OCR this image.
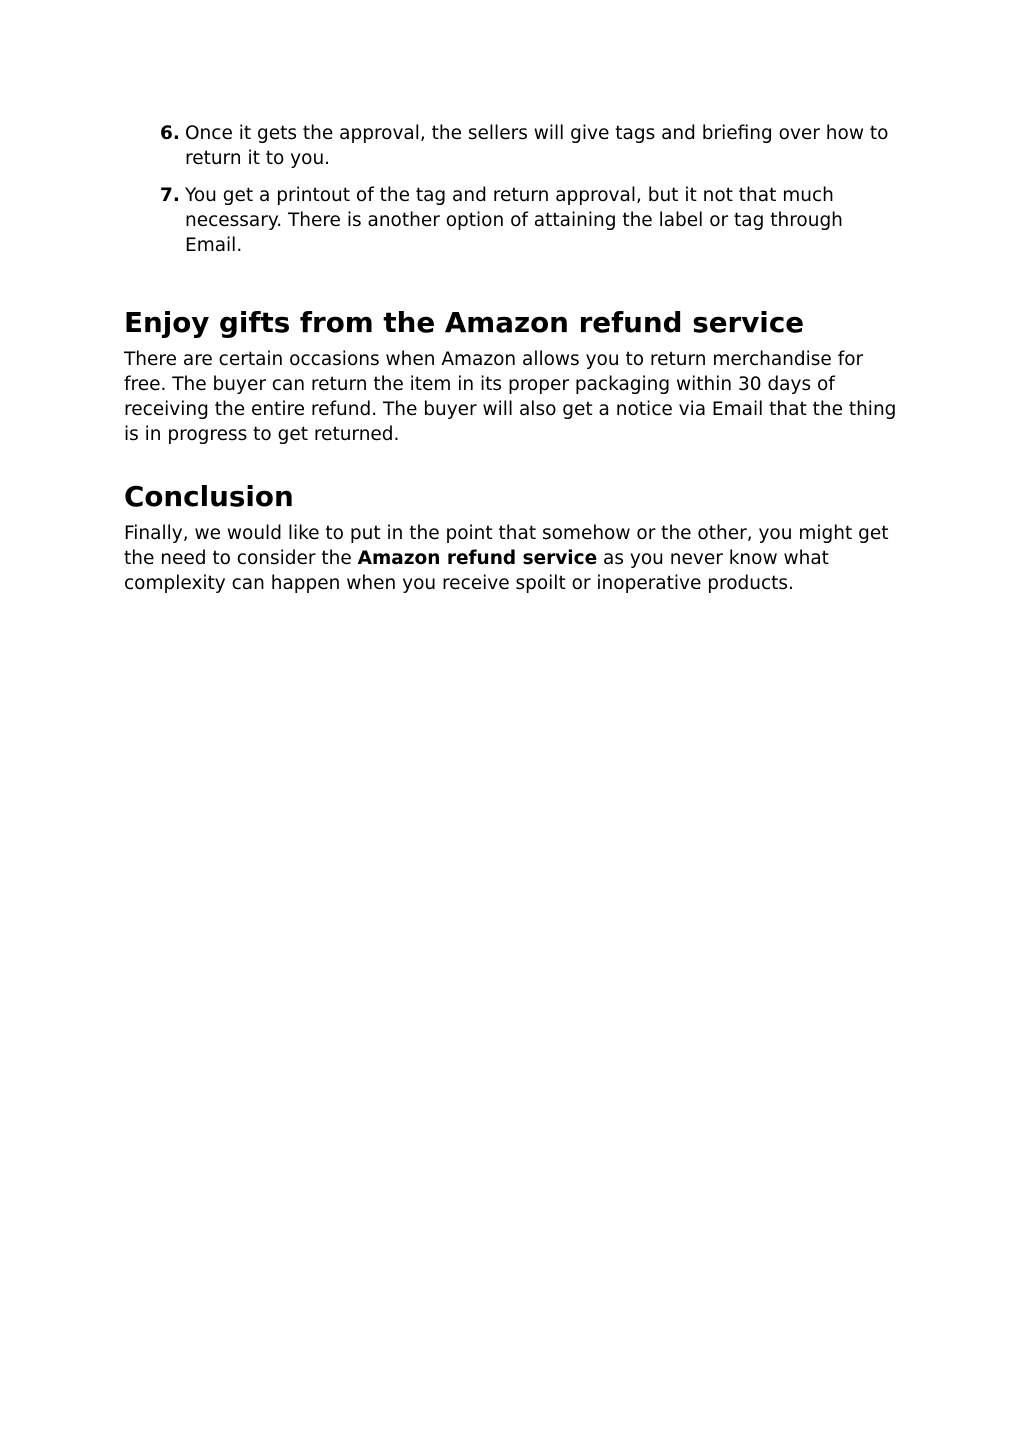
6. Once it gets the approval, the sellers will give tags and briefing over how to return it to you.
7. You get a printout of the tag and return approval, but it not that much necessary. There is another option of attaining the label or tag through Email.
Enjoy gifts from the Amazon refund service

There are certain occasions when Amazon allows you to return merchandise for free. The buyer can return the item in its proper packaging within 30 days of receiving the entire refund. The buyer will also get a notice via Email that the thing is in progress to get returned.

Conclusion

Finally, we would like to put in the point that somehow or the other, you might get the need to consider the Amazon refund service as you never know what complexity can happen when you receive spoilt or inoperative products.
